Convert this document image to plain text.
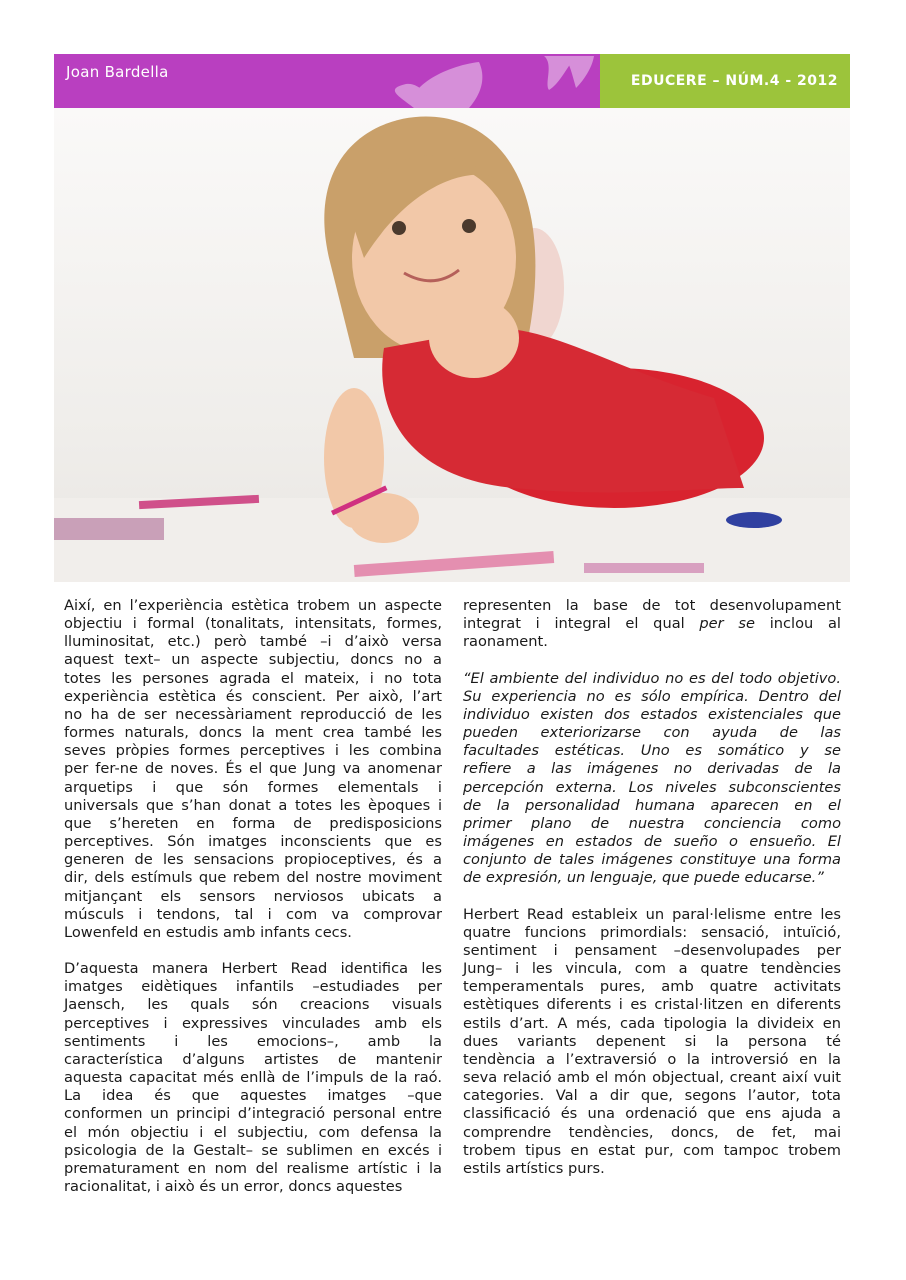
Joan Bardella	EDUCERE – NÚM.4 - 2012
Així, en l’experiència estètica trobem un aspecte
objectiu i formal (tonalitats, intensitats, formes,
lluminositat, etc.) però també –i d’això versa
aquest text– un aspecte subjectiu, doncs no a
totes les persones agrada el mateix, i no tota
experiència estètica és conscient. Per això, l’art
no ha de ser necessàriament reproducció de les
formes naturals, doncs la ment crea també les
seves pròpies formes perceptives i les combina
per fer-ne de noves. És el que Jung va anomenar
arquetips i que són formes elementals i
universals que s’han donat a totes les èpoques i
que s’hereten en forma de predisposicions
perceptives. Són imatges inconscients que es
generen de les sensacions propioceptives, és a
dir, dels estímuls que rebem del nostre moviment
mitjançant els sensors nerviosos ubicats a
músculs i tendons, tal i com va comprovar
Lowenfeld en estudis amb infants cecs.
D’aquesta manera Herbert Read identifica les
imatges eidètiques infantils –estudiades per
Jaensch, les quals són creacions visuals
perceptives i expressives vinculades amb els
sentiments i les emocions–, amb la
característica d’alguns artistes de mantenir
aquesta capacitat més enllà de l’impuls de la raó.
La idea és que aquestes imatges –que
conformen un principi d’integració personal entre
el món objectiu i el subjectiu, com defensa la
psicologia de la Gestalt– se sublimen en excés i
prematurament en nom del realisme artístic i la
racionalitat, i això és un error, doncs aquestes
representen la base de tot desenvolupament
integrat i integral el qual per se inclou al
raonament.
“El ambiente del individuo no es del todo objetivo.
Su experiencia no es sólo empírica. Dentro del
individuo existen dos estados existenciales que
pueden exteriorizarse con ayuda de las
facultades estéticas. Uno es somático y se
refiere a las imágenes no derivadas de la
percepción externa. Los niveles subconscientes
de la personalidad humana aparecen en el
primer plano de nuestra conciencia como
imágenes en estados de sueño o ensueño. El
conjunto de tales imágenes constituye una forma
de expresión, un lenguaje, que puede educarse.”
Herbert Read estableix un paral·lelisme entre les
quatre funcions primordials: sensació, intuïció,
sentiment i pensament –desenvolupades per
Jung– i les vincula, com a quatre tendències
temperamentals pures, amb quatre activitats
estètiques diferents i es cristal·litzen en diferents
estils d’art. A més, cada tipologia la divideix en
dues variants depenent si la persona té
tendència a l’extraversió o la introversió en la
seva relació amb el món objectual, creant així vuit
categories. Val a dir que, segons l’autor, tota
classificació és una ordenació que ens ajuda a
comprendre tendències, doncs, de fet, mai
trobem tipus en estat pur, com tampoc trobem
estils artístics purs.
